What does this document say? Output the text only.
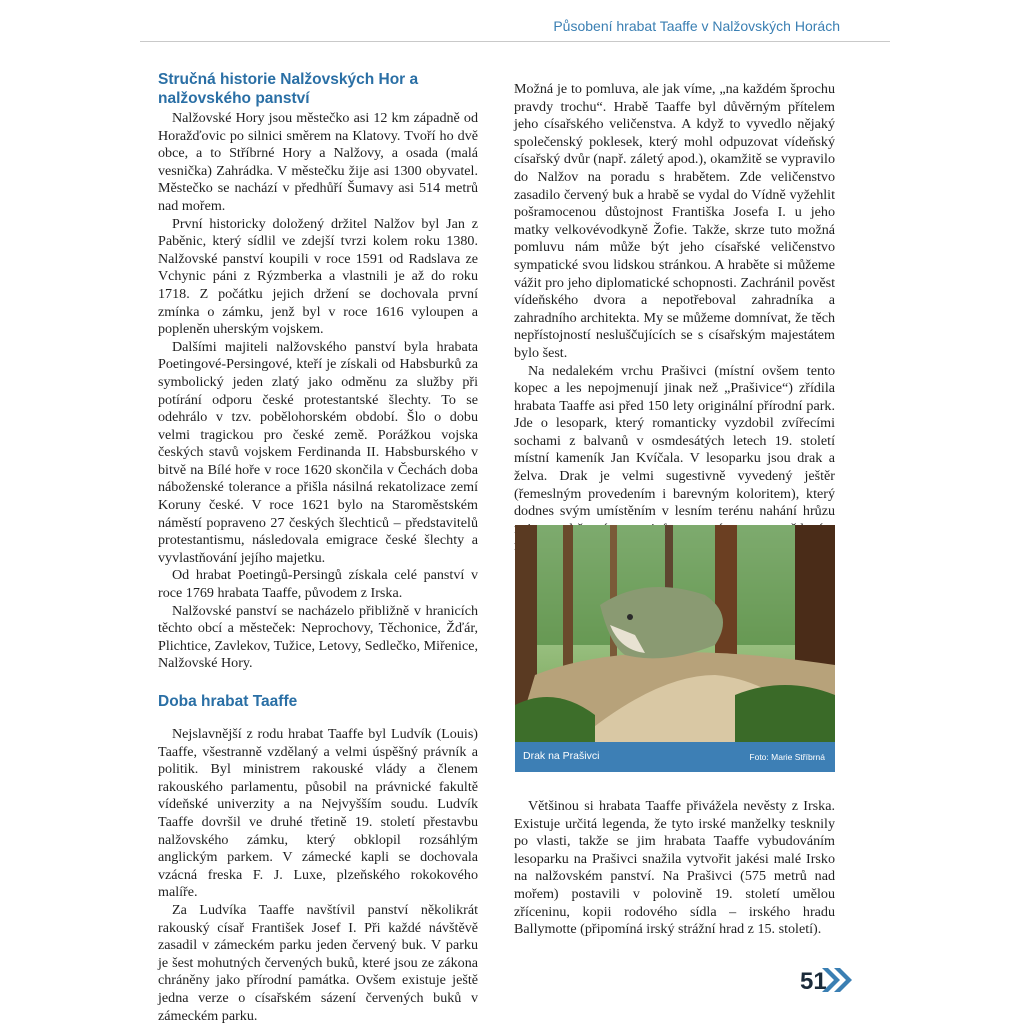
Působení hrabat Taaffe v Nalžovských Horách
Stručná historie Nalžovských Hor a nalžovského panství

Nalžovské Hory jsou městečko asi 12 km západně od Horažďovic po silnici směrem na Klatovy. Tvoří ho dvě obce, a to Stříbrné Hory a Nalžovy, a osada (malá vesnička) Zahrádka. V městečku žije asi 1300 obyvatel. Městečko se nachází v předhůří Šumavy asi 514 metrů nad mořem.

První historicky doložený držitel Nalžov byl Jan z Paběnic, který sídlil ve zdejší tvrzi kolem roku 1380. Nalžovské panství koupili v roce 1591 od Radslava ze Vchynic páni z Rýzmberka a vlastnili je až do roku 1718. Z počátku jejich držení se dochovala první zmínka o zámku, jenž byl v roce 1616 vyloupen a popleněn uherským vojskem.

Dalšími majiteli nalžovského panství byla hrabata Poetingové-Persingové, kteří je získali od Habsburků za symbolický jeden zlatý jako odměnu za služby při potírání odporu české protestantské šlechty. To se odehrálo v tzv. pobělohorském období. Šlo o dobu velmi tragickou pro české země. Porážkou vojska českých stavů vojskem Ferdinanda II. Habsburského v bitvě na Bílé hoře v roce 1620 skončila v Čechách doba náboženské tolerance a přišla násilná rekatolizace zemí Koruny české. V roce 1621 bylo na Staroměstském náměstí popraveno 27 českých šlechticů – představitelů protestantismu, následovala emigrace české šlechty a vyvlastňování jejího majetku.

Od hrabat Poetingů-Persingů získala celé panství v roce 1769 hrabata Taaffe, původem z Irska.

Nalžovské panství se nacházelo přibližně v hranicích těchto obcí a městeček: Neprochovy, Těchonice, Žďár, Plichtice, Zavlekov, Tužice, Letovy, Sedlečko, Miřenice, Nalžovské Hory.

Doba hrabat Taaffe

Nejslavnější z rodu hrabat Taaffe byl Ludvík (Louis) Taaffe, všestranně vzdělaný a velmi úspěšný právník a politik. Byl ministrem rakouské vlády a členem rakouského parlamentu, působil na právnické fakultě vídeňské univerzity a na Nejvyšším soudu. Ludvík Taaffe dovršil ve druhé třetině 19. století přestavbu nalžovského zámku, který obklopil rozsáhlým anglickým parkem. V zámecké kapli se dochovala vzácná freska F. J. Luxe, plzeňského rokokového malíře.

Za Ludvíka Taaffe navštívil panství několikrát rakouský císař František Josef I. Při každé návštěvě zasadil v zámeckém parku jeden červený buk. V parku je šest mohutných červených buků, které jsou ze zákona chráněny jako přírodní památka. Ovšem existuje ještě jedna verze o císařském sázení červených buků v zámeckém parku.

Možná je to pomluva, ale jak víme, „na každém šprochu pravdy trochu“. Hrabě Taaffe byl důvěrným přítelem jeho císařského veličenstva. A když to vyvedlo nějaký společenský poklesek, který mohl odpuzovat vídeňský císařský dvůr (např. záletý apod.), okamžitě se vypravilo do Nalžov na poradu s hrabětem. Zde veličenstvo zasadilo červený buk a hrabě se vydal do Vídně vyžehlit pošramocenou důstojnost Františka Josefa I. u jeho matky velkovévodkyně Žofie. Takže, skrze tuto možná pomluvu nám může být jeho císařské veličenstvo sympatické svou lidskou stránkou. A hraběte si můžeme vážit pro jeho diplomatické schopnosti. Zachránil pověst vídeňského dvora a nepotřeboval zahradníka a zahradního architekta. My se můžeme domnívat, že těch nepřístojností nesluščujících se s císařským majestátem bylo šest.

Na nedalekém vrchu Prašivci (místní ovšem tento kopec a les nepojmenují jinak než „Prašivice“) zřídila hrabata Taaffe asi před 150 lety originální přírodní park. Jde o lesopark, který romanticky vyzdobil zvířecími sochami z balvanů v osmdesátých letech 19. století místní kameník Jan Kvíčala. V lesoparku jsou drak a želva. Drak je velmi sugestivně vyvedený ještěr (řemeslným provedením i barevným koloritem), který dodnes svým umístěním v lesním terénu nahání hrůzu

Drak na Prašivci	Foto: Marie Stříbrná

Většinou si hrabata Taaffe přiváželа nevěsty z Irska. Existuje určitá legenda, že tyto irské manželky tesknily po vlasti, takže se jim hrabata Taaffe vybudováním lesoparku na Prašivci snažila vytvořit jakési malé Irsko na nalžovském panství. Na Prašivci (575 metrů nad mořem) postavili v polovině 19. století umělou zříceninu, kopii rodového sídla – irského hradu Ballymotte (připomíná irský strážní hrad z 15. století).

51
